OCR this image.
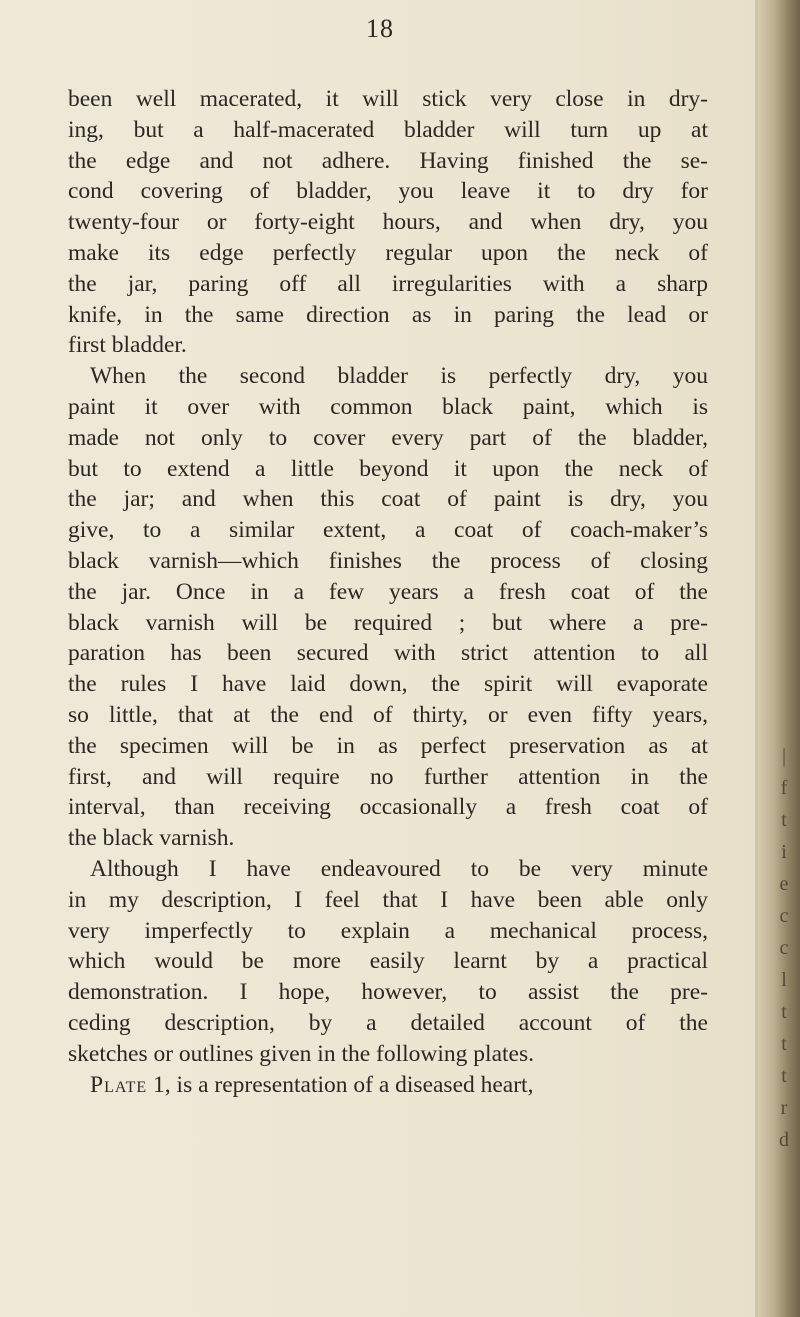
18
been well macerated, it will stick very close in dry-
ing, but a half-macerated bladder will turn up at
the edge and not adhere. Having finished the se-
cond covering of bladder, you leave it to dry for
twenty-four or forty-eight hours, and when dry, you
make its edge perfectly regular upon the neck of
the jar, paring off all irregularities with a sharp
knife, in the same direction as in paring the lead or
first bladder.
When the second bladder is perfectly dry, you
paint it over with common black paint, which is
made not only to cover every part of the bladder,
but to extend a little beyond it upon the neck of
the jar; and when this coat of paint is dry, you
give, to a similar extent, a coat of coach-maker’s
black varnish—which finishes the process of closing
the jar. Once in a few years a fresh coat of the
black varnish will be required ; but where a pre-
paration has been secured with strict attention to all
the rules I have laid down, the spirit will evaporate
so little, that at the end of thirty, or even fifty years,
the specimen will be in as perfect preservation as at
first, and will require no further attention in the
interval, than receiving occasionally a fresh coat of
the black varnish.
Although I have endeavoured to be very minute
in my description, I feel that I have been able only
very imperfectly to explain a mechanical process,
which would be more easily learnt by a practical
demonstration. I hope, however, to assist the pre-
ceding description, by a detailed account of the
sketches or outlines given in the following plates.
Plate 1, is a representation of a diseased heart,
|
f
t
i
e
c
c
l
t
t
t
r
d
